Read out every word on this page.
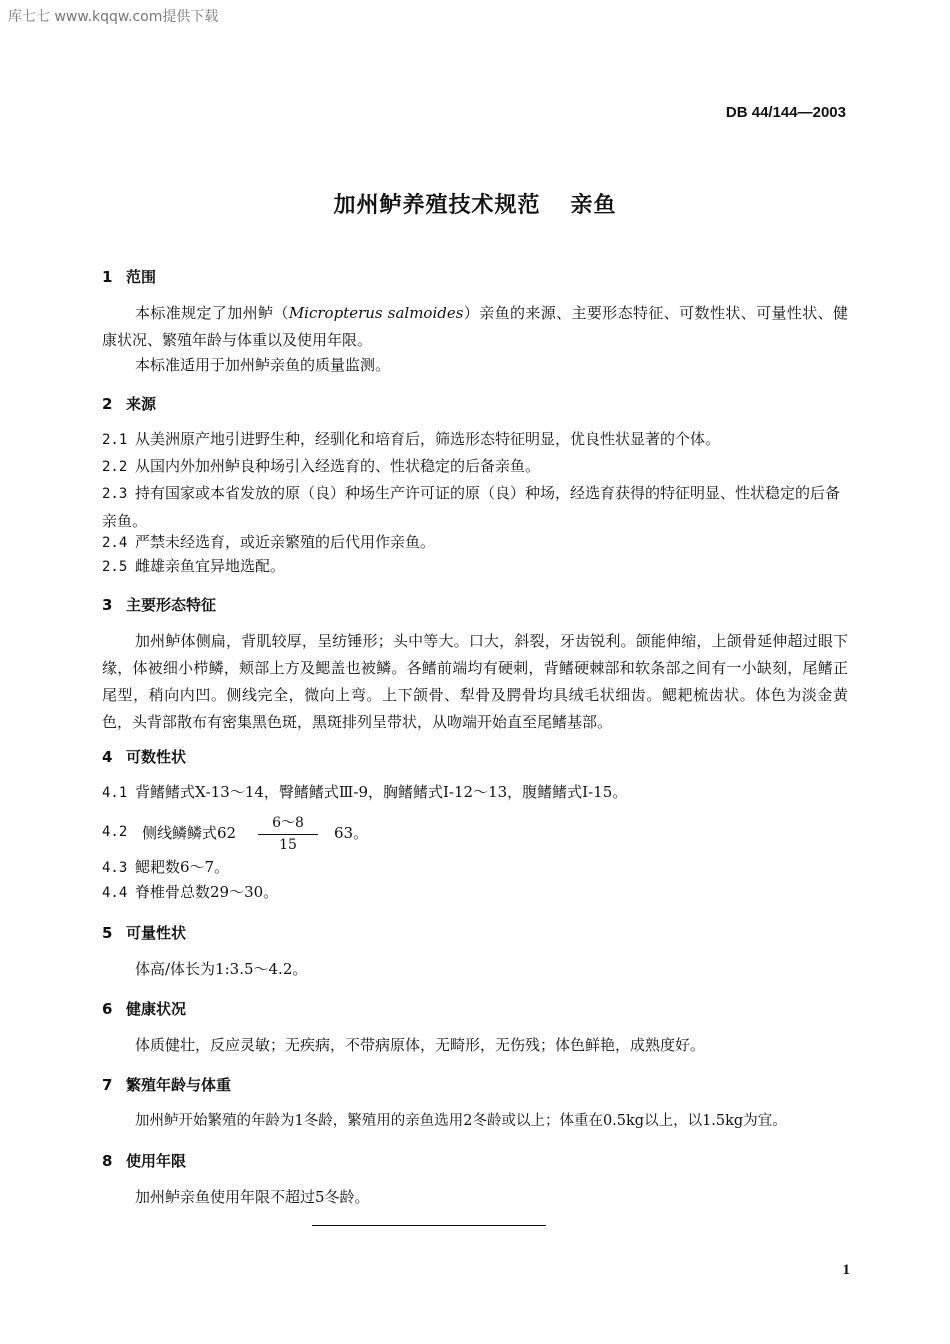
库七七 www.kqqw.com提供下载
DB 44/144—2003
加州鲈养殖技术规范 亲鱼
1 范围
本标准规定了加州鲈（Micropterus salmoides）亲鱼的来源、主要形态特征、可数性状、可量性状、健康状况、繁殖年龄与体重以及使用年限。
本标准适用于加州鲈亲鱼的质量监测。
2 来源
2.1 从美洲原产地引进野生种，经驯化和培育后，筛选形态特征明显，优良性状显著的个体。
2.2 从国内外加州鲈良种场引入经选育的、性状稳定的后备亲鱼。
2.3 持有国家或本省发放的原（良）种场生产许可证的原（良）种场，经选育获得的特征明显、性状稳定的后备亲鱼。
2.4 严禁未经选育，或近亲繁殖的后代用作亲鱼。
2.5 雌雄亲鱼宜异地选配。
3 主要形态特征
加州鲈体侧扁，背肌较厚，呈纺锤形；头中等大。口大，斜裂，牙齿锐利。颌能伸缩，上颌骨延伸超过眼下缘，体被细小栉鳞，颊部上方及鳃盖也被鳞。各鳍前端均有硬刺，背鳍硬棘部和软条部之间有一小缺刻，尾鳍正尾型，稍向内凹。侧线完全，微向上弯。上下颌骨、犁骨及腭骨均具绒毛状细齿。鳃耙梳齿状。体色为淡金黄色，头背部散布有密集黑色斑，黑斑排列呈带状，从吻端开始直至尾鳍基部。
4 可数性状
4.1 背鳍鳍式Ⅹ-13～14，臀鳍鳍式Ⅲ-9，胸鳍鳍式Ⅰ-12～13，腹鳍鳍式Ⅰ-15。
4.2 侧线鳞鳞式$62 \frac{6\sim 8}{15} 63$。
4.3 鳃耙数6～7。
4.4 脊椎骨总数29～30。
5 可量性状
体高/体长为1:3.5～4.2。
6 健康状况
体质健壮，反应灵敏；无疾病，不带病原体，无畸形，无伤残；体色鲜艳，成熟度好。
7 繁殖年龄与体重
加州鲈开始繁殖的年龄为1冬龄，繁殖用的亲鱼选用2冬龄或以上；体重在0.5kg以上，以1.5kg为宜。
8 使用年限
加州鲈亲鱼使用年限不超过5冬龄。
1
